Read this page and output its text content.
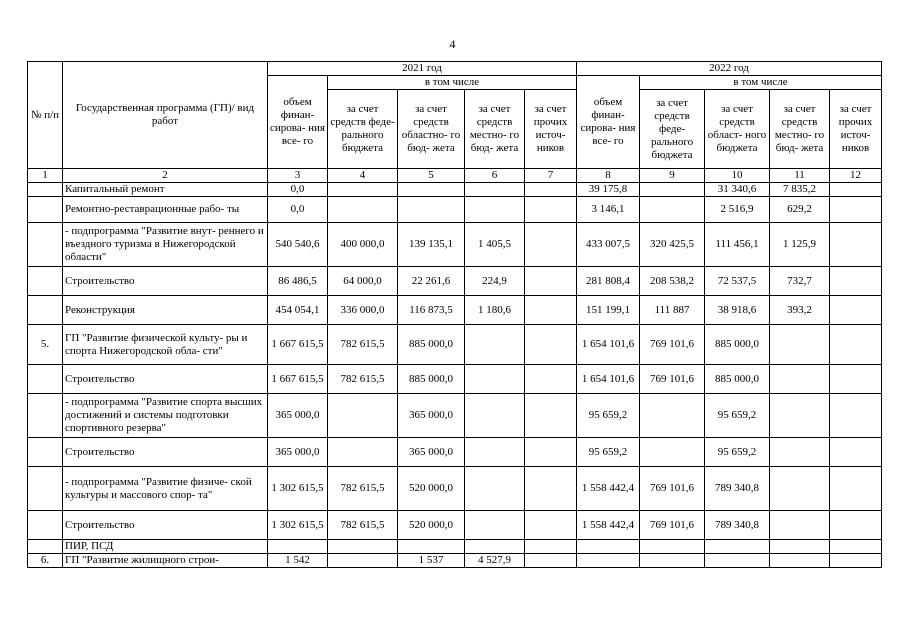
4
№ п/п	Государственная программа (ГП)/ вид работ	2021 год					2022 год				
		объем финан- сирова- ния все- го	в том числе				объем финан- сирова- ния все- го	в том числе			
			за счет средств феде- рального бюджета	за счет средств областно- го бюд- жета	за счет средств местно- го бюд- жета	за счет прочих источ- ников		за счет средств феде- рального бюджета	за счет средств област- ного бюджета	за счет средств местно- го бюд- жета	за счет прочих источ- ников
1	2	3	4	5	6	7	8	9	10	11	12
	Капитальный ремонт	0,0					39 175,8		31 340,6	7 835,2	
	Ремонтно-реставрационные рабо- ты	0,0					3 146,1		2 516,9	629,2	
	- подпрограмма "Развитие внут- реннего и въездного туризма в Нижегородской области"	540 540,6	400 000,0	139 135,1	1 405,5		433 007,5	320 425,5	111 456,1	1 125,9	
	Строительство	86 486,5	64 000,0	22 261,6	224,9		281 808,4	208 538,2	72 537,5	732,7	
	Реконструкция	454 054,1	336 000,0	116 873,5	1 180,6		151 199,1	111 887	38 918,6	393,2	
5.	ГП "Развитие физической культу- ры и спорта Нижегородской обла- сти"	1 667 615,5	782 615,5	885 000,0			1 654 101,6	769 101,6	885 000,0		
	Строительство	1 667 615,5	782 615,5	885 000,0			1 654 101,6	769 101,6	885 000,0		
	- подпрограмма "Развитие спорта высших достижений и системы подготовки спортивного резерва"	365 000,0		365 000,0			95 659,2		95 659,2		
	Строительство	365 000,0		365 000,0			95 659,2		95 659,2		
	- подпрограмма "Развитие физиче- ской культуры и массового спор- та"	1 302 615,5	782 615,5	520 000,0			1 558 442,4	769 101,6	789 340,8		
	Строительство	1 302 615,5	782 615,5	520 000,0			1 558 442,4	769 101,6	789 340,8		
	ПИР, ПСД										
6.	ГП "Развитие жилищного строи-	1 542		1 537	4 527,9						
